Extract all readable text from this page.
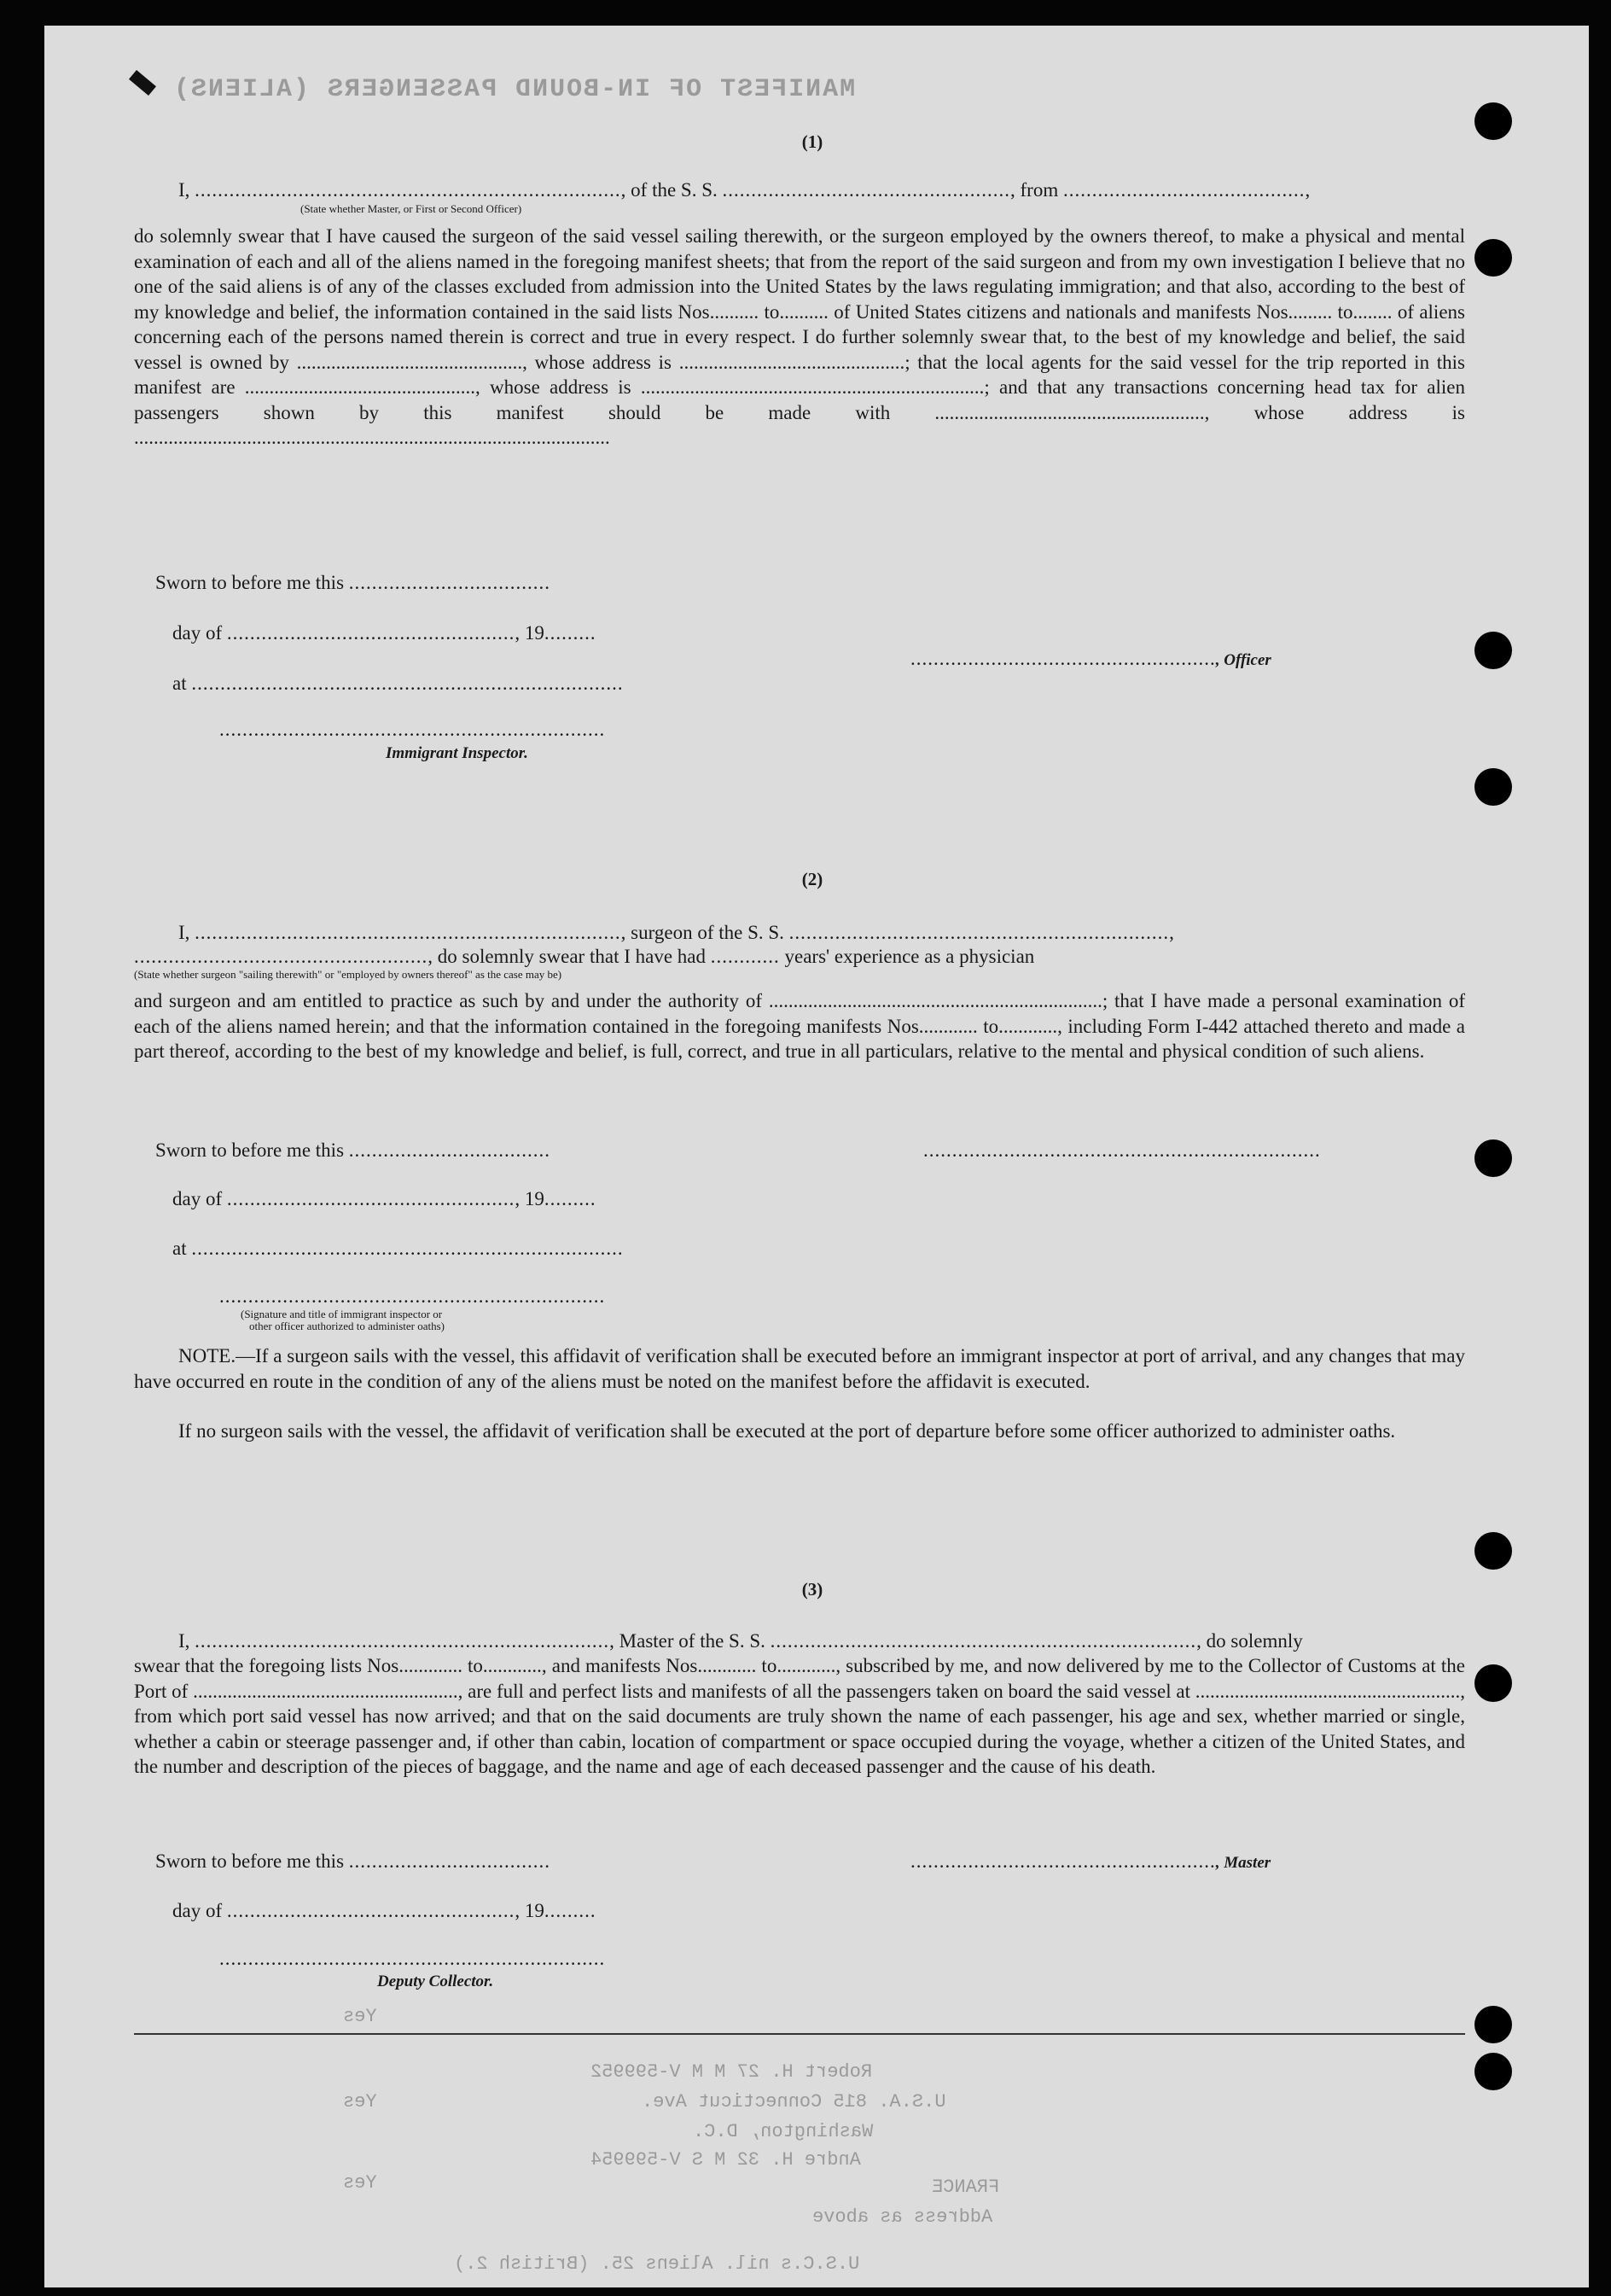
MANIFEST OF IN-BOUND PASSENGERS (ALIENS)
Robert H. 27 M M V-599952
U.S.A. 815 Connecticut Ave.
Washington, D.C.
Andre H. 32 M S V-599954
FRANCE
Address as above
U.S.C.s nil. Aliens 25. (British 2.)
Yes
Yes
Yes
(1)
I, .........................................................................., of the S. S. .................................................., from ..........................................,
(State whether Master, or First or Second Officer)
do solemnly swear that I have caused the surgeon of the said vessel sailing therewith, or the surgeon employed by the owners thereof, to make a physical and mental examination of each and all of the aliens named in the foregoing manifest sheets; that from the report of the said surgeon and from my own investigation I believe that no one of the said aliens is of any of the classes excluded from admission into the United States by the laws regulating immigration; and that also, according to the best of my knowledge and belief, the information contained in the said lists Nos.......... to.......... of United States citizens and nationals and manifests Nos......... to........ of aliens concerning each of the persons named therein is correct and true in every respect. I do further solemnly swear that, to the best of my knowledge and belief, the said vessel is owned by .............................................., whose address is ..............................................; that the local agents for the said vessel for the trip reported in this manifest are ..............................................., whose address is ......................................................................; and that any transactions concerning head tax for alien passengers shown by this manifest should be made with ......................................................., whose address is .................................................................................................
Sworn to before me this ...................................
day of .................................................., 19.........
at ...........................................................................
....................................................., Officer
...................................................................
Immigrant Inspector.
(2)
I, .........................................................................., surgeon of the S. S. ..................................................................,
..................................................., do solemnly swear that I have had ............ years' experience as a physician
(State whether surgeon "sailing therewith" or "employed by owners thereof" as the case may be)
and surgeon and am entitled to practice as such by and under the authority of ....................................................................; that I have made a personal examination of each of the aliens named herein; and that the information contained in the foregoing manifests Nos............ to............, including Form I-442 attached thereto and made a part thereof, according to the best of my knowledge and belief, is full, correct, and true in all particulars, relative to the mental and physical condition of such aliens.
Sworn to before me this ...................................	.....................................................................
day of .................................................., 19.........
at ...........................................................................
...................................................................
(Signature and title of immigrant inspector or
other officer authorized to administer oaths)
NOTE.—If a surgeon sails with the vessel, this affidavit of verification shall be executed before an immigrant inspector at port of arrival, and any changes that may have occurred en route in the condition of any of the aliens must be noted on the manifest before the affidavit is executed.
If no surgeon sails with the vessel, the affidavit of verification shall be executed at the port of departure before some officer authorized to administer oaths.
(3)
I, ........................................................................, Master of the S. S. .........................................................................., do solemnly
swear that the foregoing lists Nos............. to............, and manifests Nos............ to............, subscribed by me, and now delivered by me to the Collector of Customs at the Port of ......................................................, are full and perfect lists and manifests of all the passengers taken on board the said vessel at ......................................................, from which port said vessel has now arrived; and that on the said documents are truly shown the name of each passenger, his age and sex, whether married or single, whether a cabin or steerage passenger and, if other than cabin, location of compartment or space occupied during the voyage, whether a citizen of the United States, and the number and description of the pieces of baggage, and the name and age of each deceased passenger and the cause of his death.
Sworn to before me this ...................................	....................................................., Master
day of .................................................., 19.........
...................................................................
Deputy Collector.
